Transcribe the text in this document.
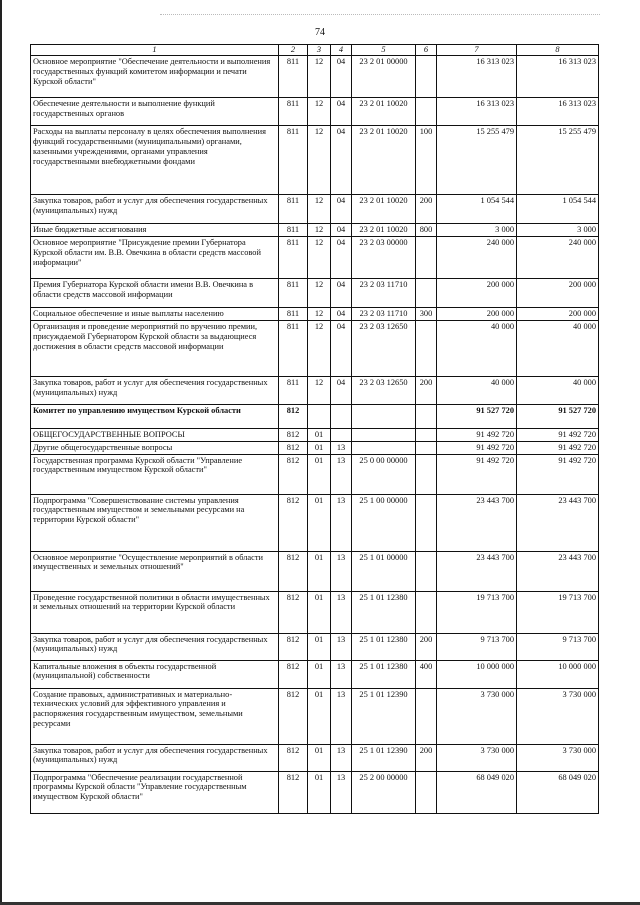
74
1	2	3	4	5	6	7	8
Основное мероприятие "Обеспечение деятельности и выполнения государственных функций комитетом информации и печати Курской области"	811	12	04	23 2 01 00000		16 313 023	16 313 023
Обеспечение деятельности и выполнение функций государственных органов	811	12	04	23 2 01 10020		16 313 023	16 313 023
Расходы на выплаты персоналу в целях обеспечения выполнения функций государственными (муниципальными) органами, казенными учреждениями, органами управления государственными внебюджетными фондами	811	12	04	23 2 01 10020	100	15 255 479	15 255 479
Закупка товаров, работ и услуг для обеспечения государственных (муниципальных) нужд	811	12	04	23 2 01 10020	200	1 054 544	1 054 544
Иные бюджетные ассигнования	811	12	04	23 2 01 10020	800	3 000	3 000
Основное мероприятие "Присуждение премии Губернатора Курской области им. В.В. Овечкина в области средств массовой информации"	811	12	04	23 2 03 00000		240 000	240 000
Премия Губернатора Курской области имени В.В. Овечкина в области средств массовой информации	811	12	04	23 2 03 11710		200 000	200 000
Социальное обеспечение и иные выплаты населению	811	12	04	23 2 03 11710	300	200 000	200 000
Организация и проведение мероприятий по вручению премии, присуждаемой Губернатором Курской области за выдающиеся достижения в области средств массовой информации	811	12	04	23 2 03 12650		40 000	40 000
Закупка товаров, работ и услуг для обеспечения государственных (муниципальных) нужд	811	12	04	23 2 03 12650	200	40 000	40 000
Комитет по управлению имуществом Курской области	812					91 527 720	91 527 720
ОБЩЕГОСУДАРСТВЕННЫЕ ВОПРОСЫ	812	01				91 492 720	91 492 720
Другие общегосударственные вопросы	812	01	13			91 492 720	91 492 720
Государственная программа Курской области "Управление государственным имуществом Курской области"	812	01	13	25 0 00 00000		91 492 720	91 492 720
Подпрограмма "Совершенствование системы управления государственным имуществом и земельными ресурсами на территории Курской области"	812	01	13	25 1 00 00000		23 443 700	23 443 700
Основное мероприятие "Осуществление мероприятий в области имущественных и земельных отношений"	812	01	13	25 1 01 00000		23 443 700	23 443 700
Проведение государственной политики в области имущественных и земельных отношений на территории Курской области	812	01	13	25 1 01 12380		19 713 700	19 713 700
Закупка товаров, работ и услуг для обеспечения государственных (муниципальных) нужд	812	01	13	25 1 01 12380	200	9 713 700	9 713 700
Капитальные вложения в объекты государственной (муниципальной) собственности	812	01	13	25 1 01 12380	400	10 000 000	10 000 000
Создание правовых, административных и материально-технических условий для эффективного управления и распоряжения государственным имуществом, земельными ресурсами	812	01	13	25 1 01 12390		3 730 000	3 730 000
Закупка товаров, работ и услуг для обеспечения государственных (муниципальных) нужд	812	01	13	25 1 01 12390	200	3 730 000	3 730 000
Подпрограмма "Обеспечение реализации государственной программы Курской области "Управление государственным имуществом Курской области"	812	01	13	25 2 00 00000		68 049 020	68 049 020
